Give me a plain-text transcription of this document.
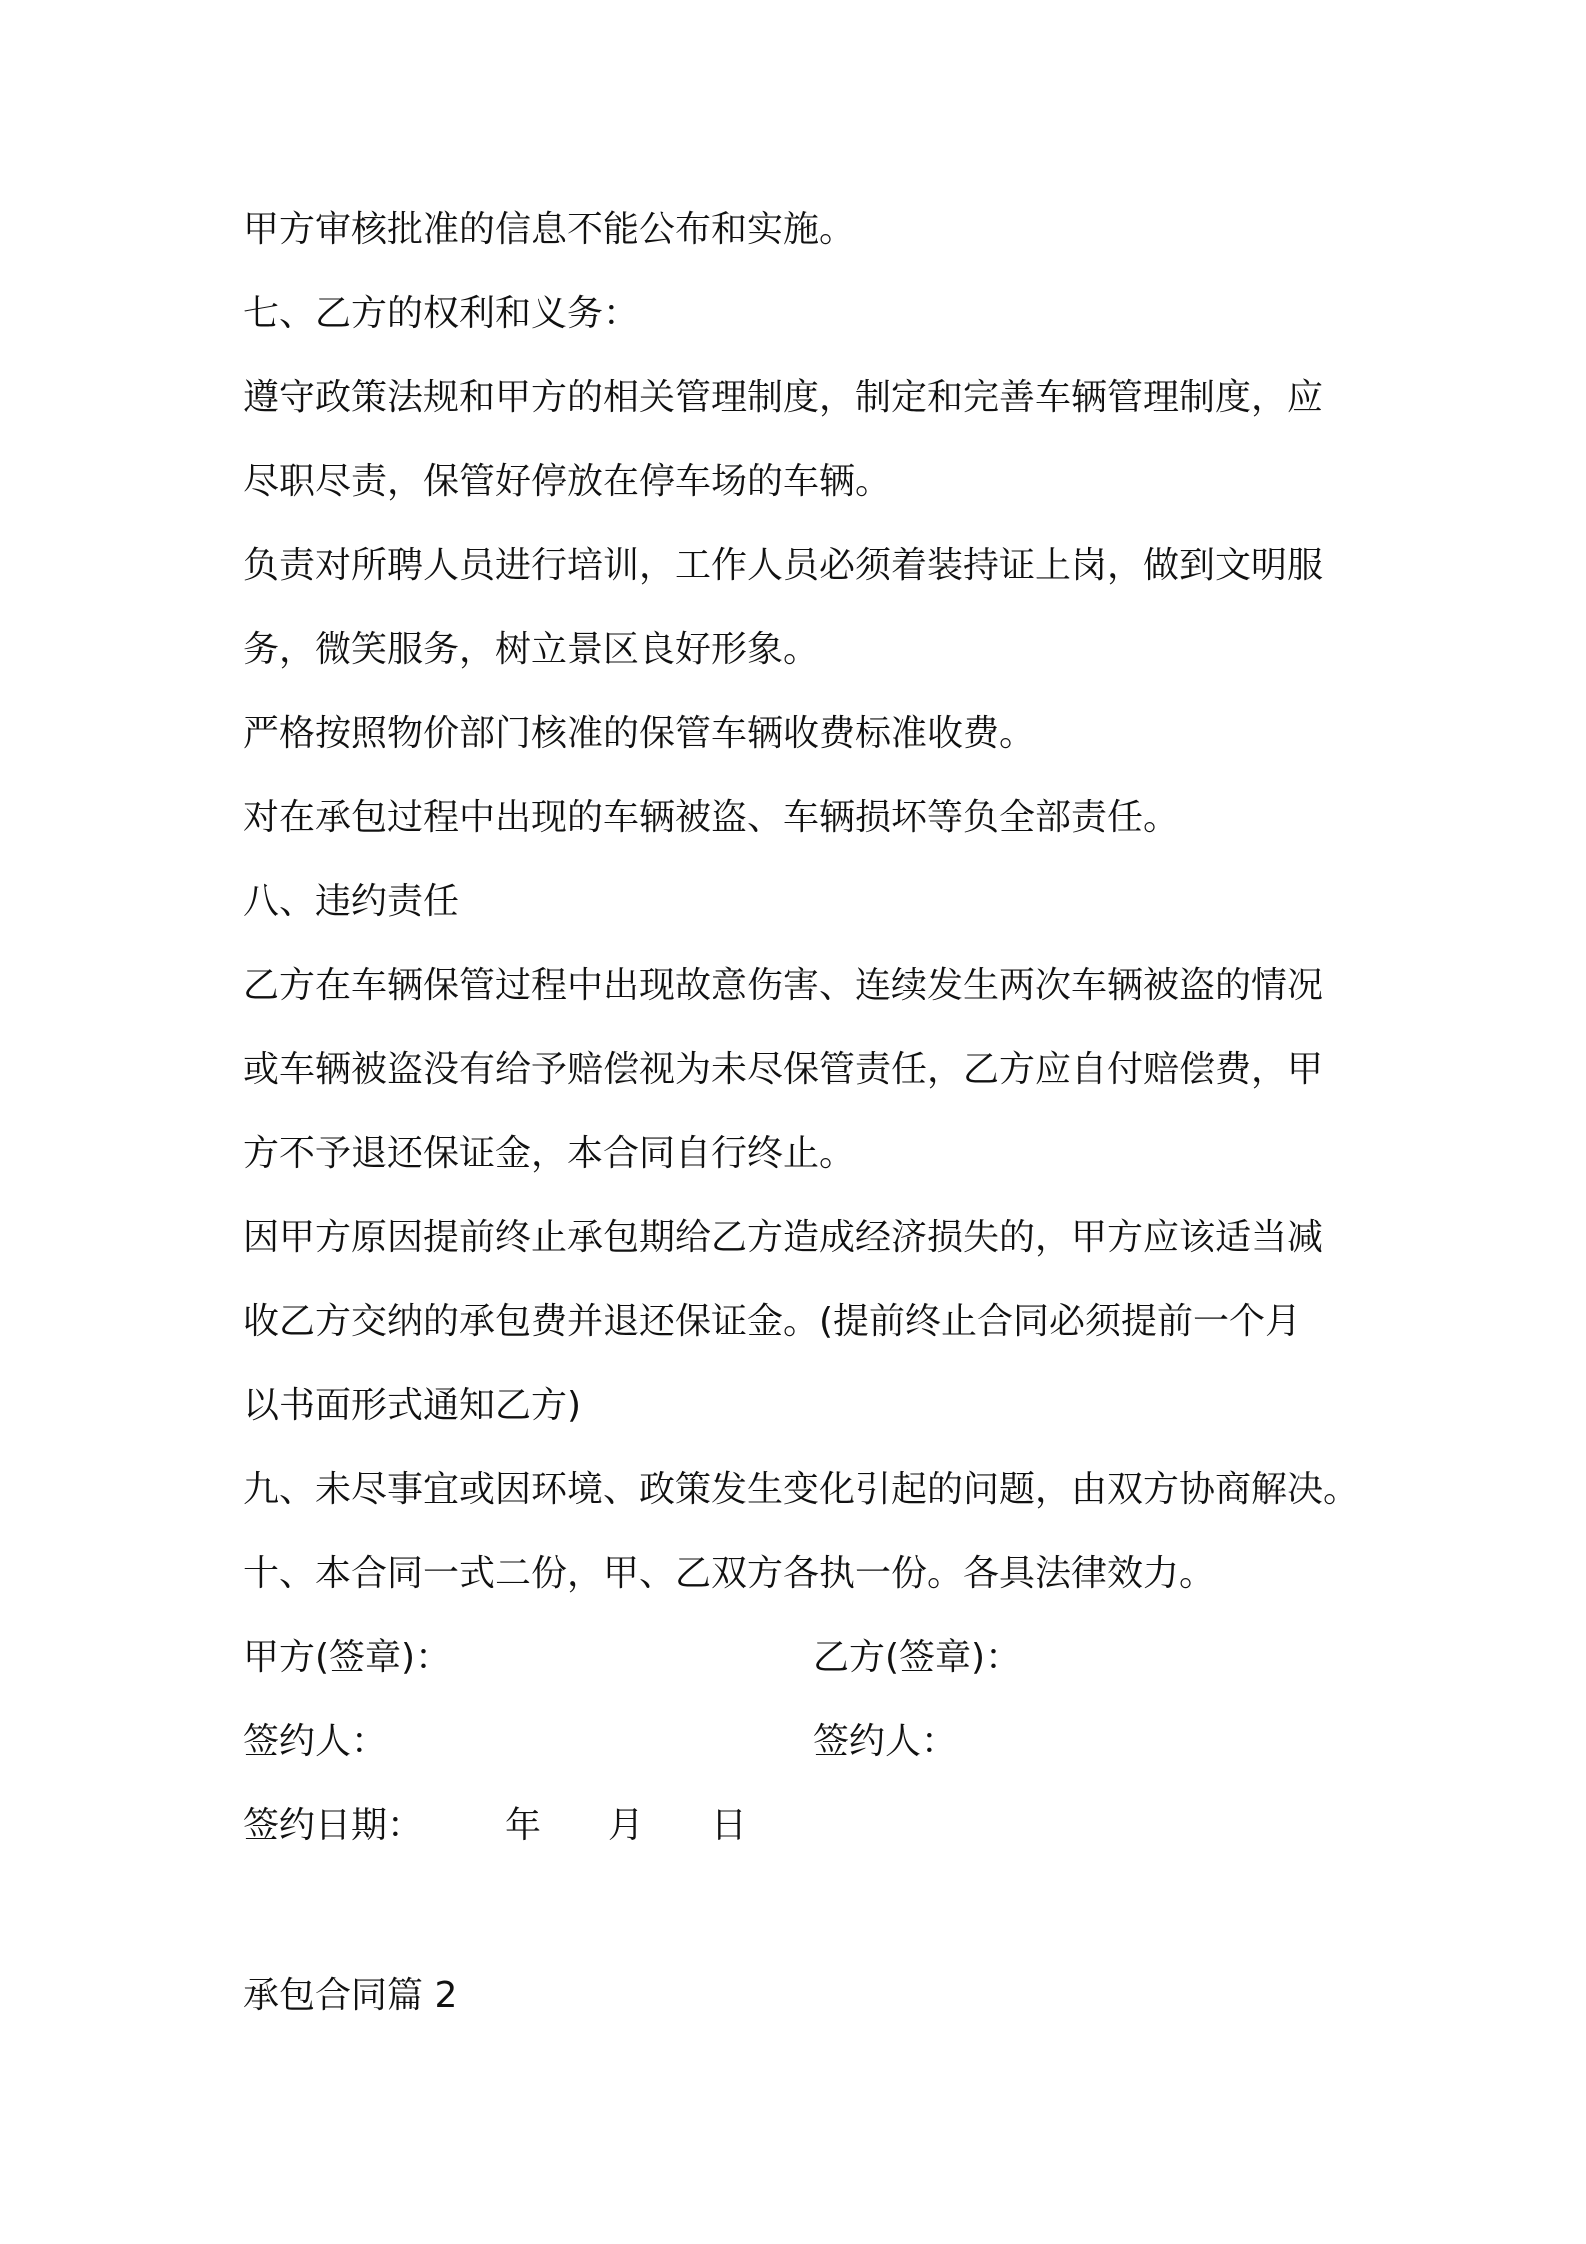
甲方审核批准的信息不能公布和实施。
七、乙方的权利和义务：
遵守政策法规和甲方的相关管理制度，制定和完善车辆管理制度，应
尽职尽责，保管好停放在停车场的车辆。
负责对所聘人员进行培训，工作人员必须着装持证上岗，做到文明服
务，微笑服务，树立景区良好形象。
严格按照物价部门核准的保管车辆收费标准收费。
对在承包过程中出现的车辆被盗、车辆损坏等负全部责任。
八、违约责任
乙方在车辆保管过程中出现故意伤害、连续发生两次车辆被盗的情况
或车辆被盗没有给予赔偿视为未尽保管责任，乙方应自付赔偿费，甲
方不予退还保证金，本合同自行终止。
因甲方原因提前终止承包期给乙方造成经济损失的，甲方应该适当减
收乙方交纳的承包费并退还保证金。(提前终止合同必须提前一个月
以书面形式通知乙方)
九、未尽事宜或因环境、政策发生变化引起的问题，由双方协商解决。
十、本合同一式二份，甲、乙双方各执一份。各具法律效力。
甲方(签章)：	乙方(签章)：
签约人：	签约人：
签约日期： 年 月 日
承包合同篇 2
